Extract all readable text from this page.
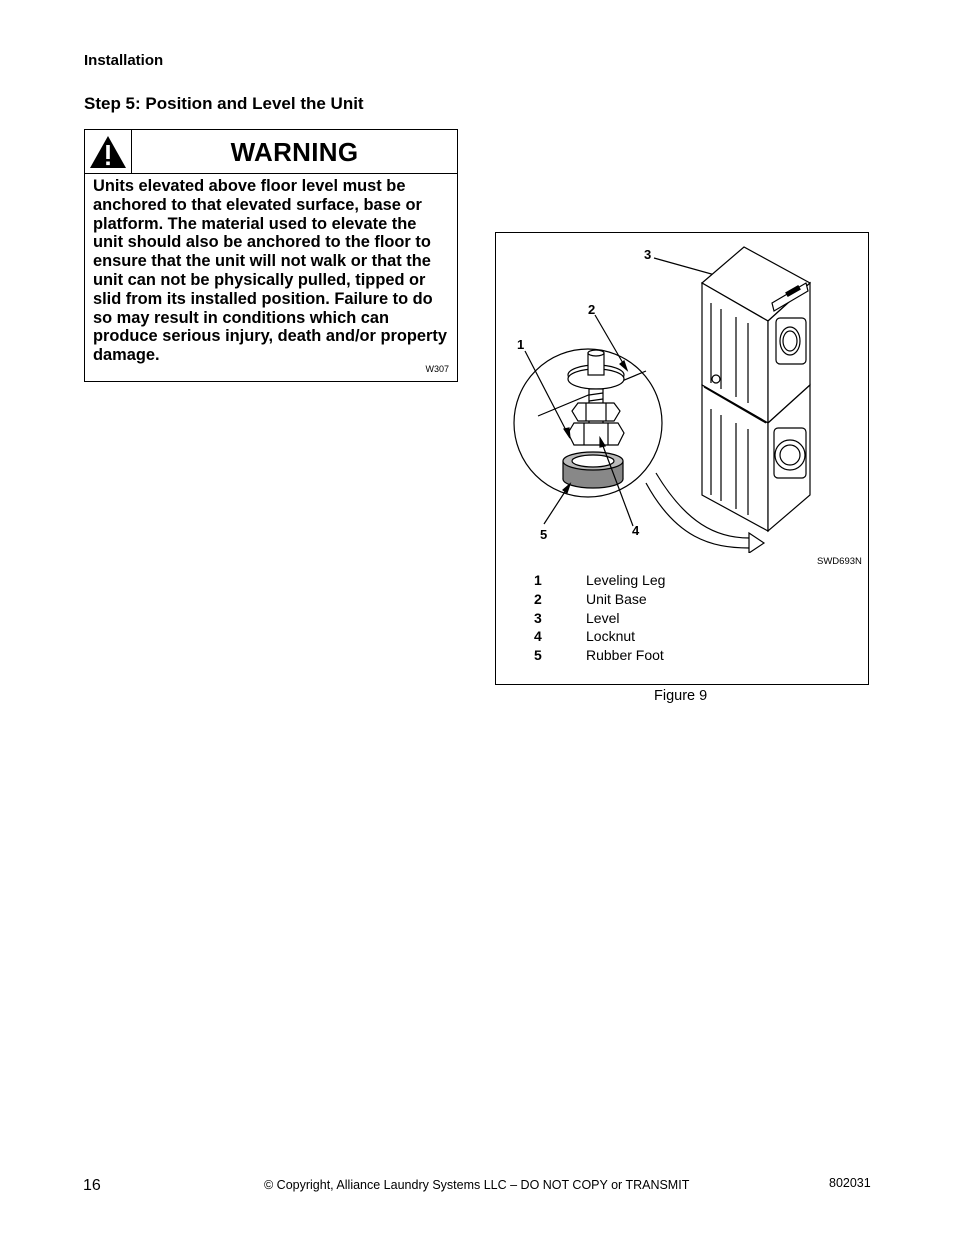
Installation
Step 5: Position and Level the Unit
WARNING
Units elevated above floor level must be anchored to that elevated surface, base or platform. The material used to elevate the unit should also be anchored to the floor to ensure that the unit will not walk or that the unit can not be physically pulled, tipped or slid from its installed position. Failure to do so may result in conditions which can produce serious injury, death and/or property damage.
W307
1
2
3
4
5
SWD693N
1	Leveling Leg
2	Unit Base
3	Level
4	Locknut
5	Rubber Foot
Figure 9
16	© Copyright, Alliance Laundry Systems LLC – DO NOT COPY or TRANSMIT	802031
